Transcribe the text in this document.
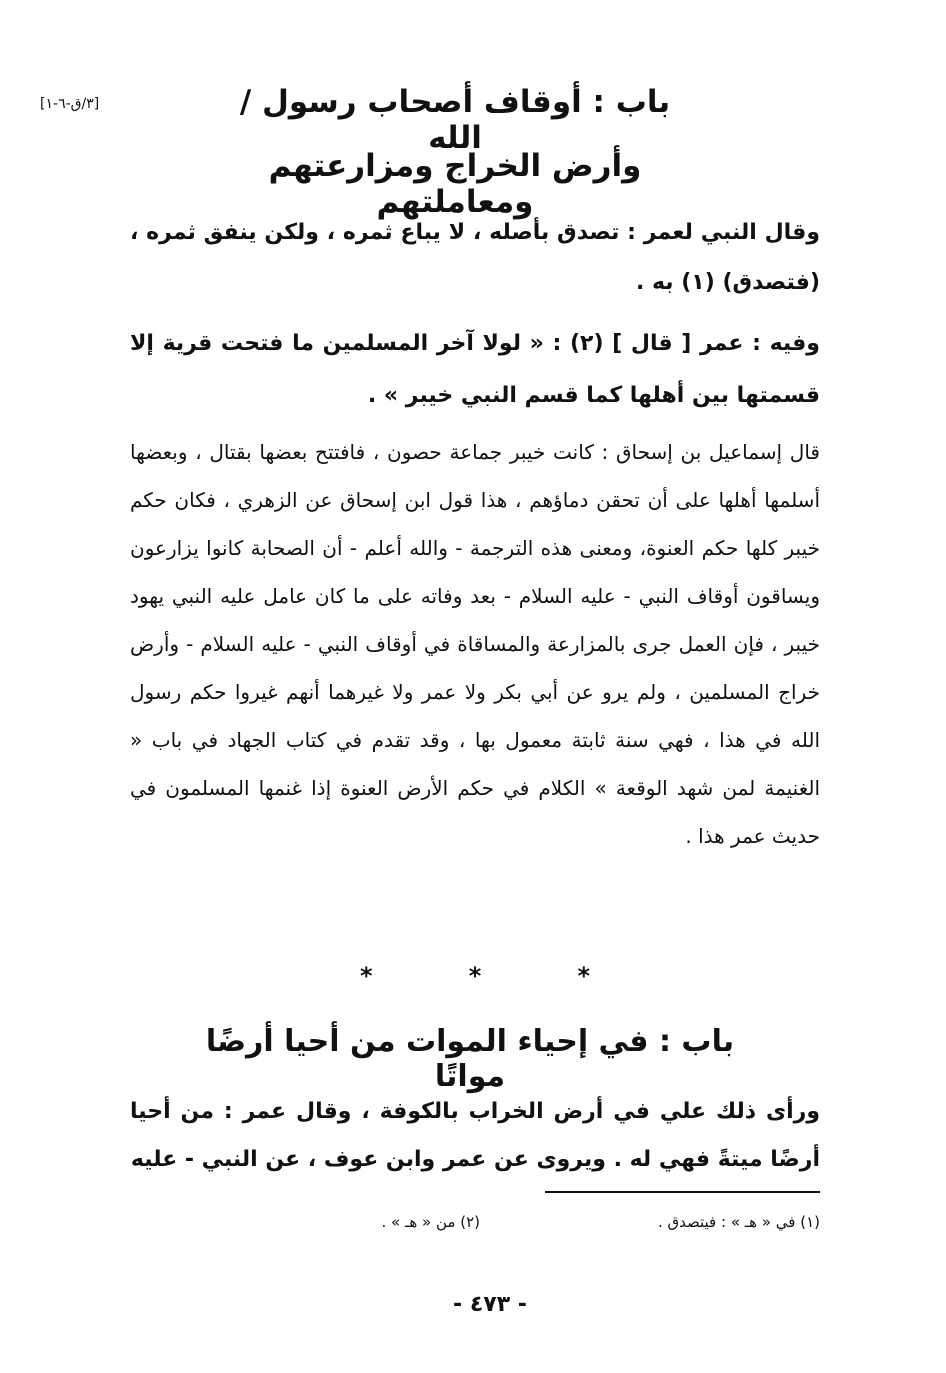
[٣/ق-٦-١]	باب : أوقاف أصحاب رسول / الله
وأرض الخراج ومزارعتهم ومعاملتهم
وقال النبي لعمر : تصدق بأصله ، لا يباع ثمره ، ولكن ينفق ثمره ، (فتصدق) (١) به .
وفيه : عمر [ قال ] (٢) : « لولا آخر المسلمين ما فتحت قرية إلا قسمتها بين أهلها كما قسم النبي خيبر » .
قال إسماعيل بن إسحاق : كانت خيبر جماعة حصون ، فافتتح بعضها بقتال ، وبعضها أسلمها أهلها على أن تحقن دماؤهم ، هذا قول ابن إسحاق عن الزهري ، فكان حكم خيبر كلها حكم العنوة، ومعنى هذه الترجمة - والله أعلم - أن الصحابة كانوا يزارعون ويساقون أوقاف النبي - عليه السلام - بعد وفاته على ما كان عامل عليه النبي يهود خيبر ، فإن العمل جرى بالمزارعة والمساقاة في أوقاف النبي - عليه السلام - وأرض خراج المسلمين ، ولم يرو عن أبي بكر ولا عمر ولا غيرهما أنهم غيروا حكم رسول الله في هذا ، فهي سنة ثابتة معمول بها ، وقد تقدم في كتاب الجهاد في باب « الغنيمة لمن شهد الوقعة » الكلام في حكم الأرض العنوة إذا غنمها المسلمون في حديث عمر هذا .
*	*	*
باب : في إحياء الموات من أحيا أرضًا مواتًا
ورأى ذلك علي في أرض الخراب بالكوفة ، وقال عمر : من أحيا أرضًا ميتةً فهي له . ويروى عن عمر وابن عوف ، عن النبي - عليه
(١) في « هـ » : فيتصدق .
(٢) من « هـ » .
- ٤٧٣ -
